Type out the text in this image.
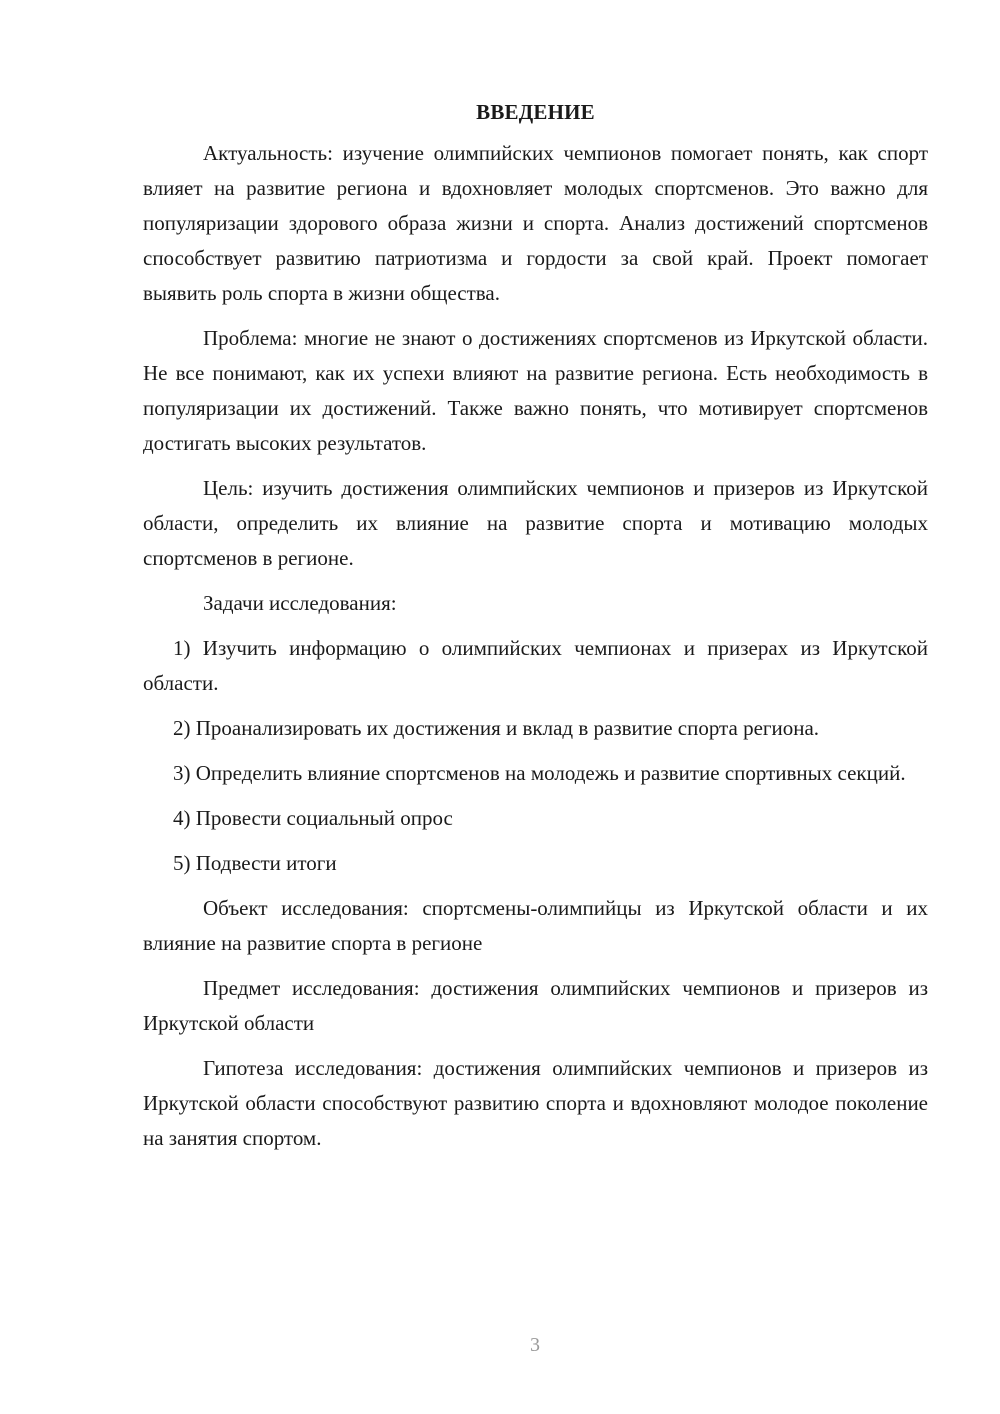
ВВЕДЕНИЕ

Актуальность: изучение олимпийских чемпионов помогает понять, как спорт влияет на развитие региона и вдохновляет молодых спортсменов. Это важно для популяризации здорового образа жизни и спорта. Анализ достижений спортсменов способствует развитию патриотизма и гордости за свой край. Проект помогает выявить роль спорта в жизни общества.

Проблема: многие не знают о достижениях спортсменов из Иркутской области. Не все понимают, как их успехи влияют на развитие региона. Есть необходимость в популяризации их достижений. Также важно понять, что мотивирует спортсменов достигать высоких результатов.

Цель: изучить достижения олимпийских чемпионов и призеров из Иркутской области, определить их влияние на развитие спорта и мотивацию молодых спортсменов в регионе.

Задачи исследования:

1) Изучить информацию о олимпийских чемпионах и призерах из Иркутской области.

2) Проанализировать их достижения и вклад в развитие спорта региона.

3) Определить влияние спортсменов на молодежь и развитие спортивных секций.

4) Провести социальный опрос

5) Подвести итоги

Объект исследования: спортсмены-олимпийцы из Иркутской области и их влияние на развитие спорта в регионе

Предмет исследования: достижения олимпийских чемпионов и призеров из Иркутской области

Гипотеза исследования: достижения олимпийских чемпионов и призеров из Иркутской области способствуют развитию спорта и вдохновляют молодое поколение на занятия спортом.

3
